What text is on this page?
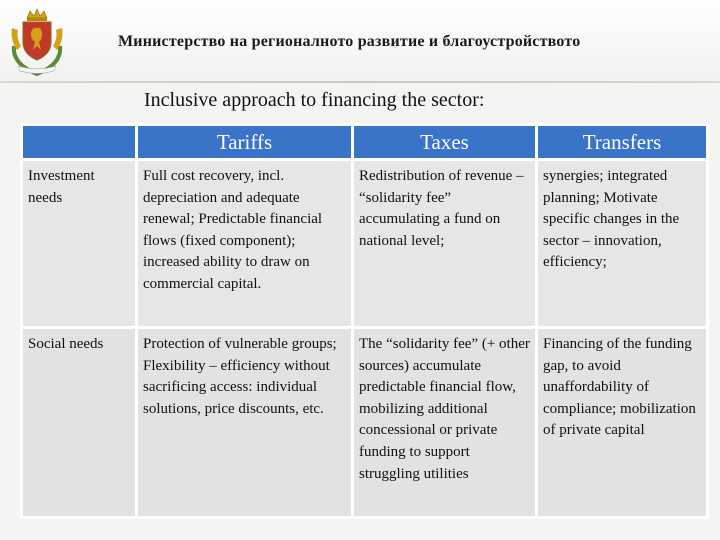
Министерство на регионалното развитие и благоустройството
Inclusive approach to financing the sector:
	Tariffs	Taxes	Transfers
Investment needs	Full cost recovery, incl. depreciation and adequate renewal; Predictable financial flows (fixed component); increased ability to draw on commercial capital.	Redistribution of revenue – “solidarity fee” accumulating a fund on national level;	synergies; integrated planning; Motivate specific changes in the sector – innovation, efficiency;
Social needs	Protection of vulnerable groups; Flexibility – efficiency without sacrificing access: individual solutions, price discounts, etc.	The “solidarity fee” (+ other sources) accumulate predictable financial flow, mobilizing additional concessional or private funding to support struggling utilities	Financing of the funding gap, to avoid unaffordability of compliance; mobilization of private capital
